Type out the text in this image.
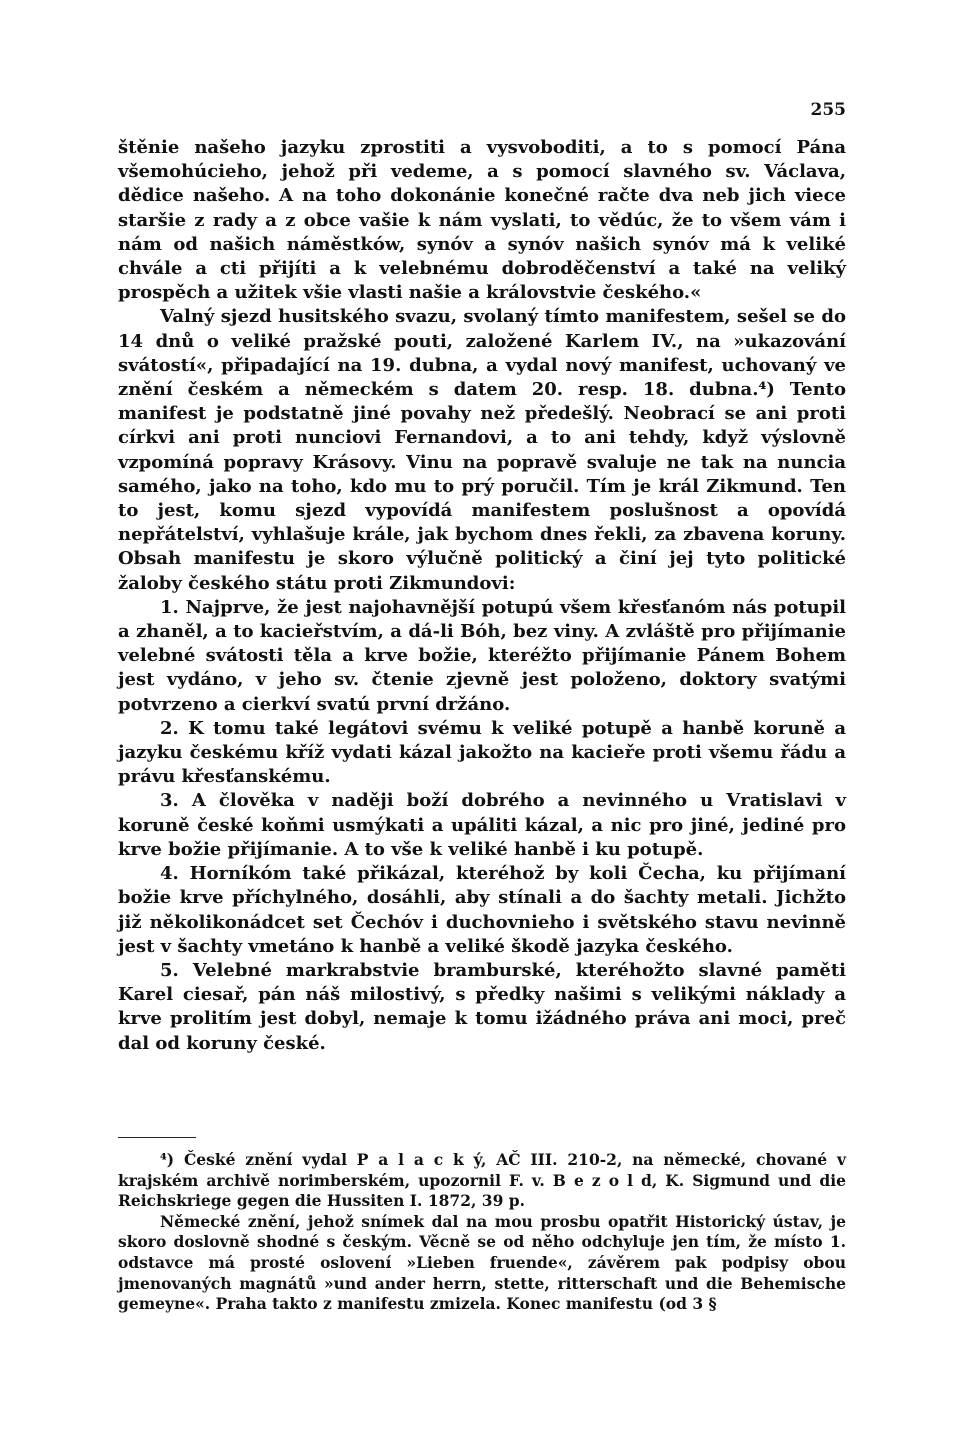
255

štěnie našeho jazyku zprostiti a vysvoboditi, a to s pomocí Pána všemohúcieho, jehož při vedeme, a s pomocí slavného sv. Václava, dědice našeho. A na toho dokonánie konečné račte dva neb jich viece staršie z rady a z obce vašie k nám vyslati, to vědúc, že to všem vám i nám od našich náměstków, synóv a synóv našich synóv má k veliké chvále a cti přijíti a k velebnému dobroděčenství a také na veliký prospěch a užitek všie vlasti našie a královstvie českého.«

Valný sjezd husitského svazu, svolaný tímto manifestem, sešel se do 14 dnů o veliké pražské pouti, založené Karlem IV., na »ukazování svátostí«, připadající na 19. dubna, a vydal nový manifest, uchovaný ve znění českém a německém s datem 20. resp. 18. dubna.⁴) Tento manifest je podstatně jiné povahy než předešlý. Neobrací se ani proti církvi ani proti nunciovi Fernandovi, a to ani tehdy, když výslovně vzpomíná popravy Krásovy. Vinu na popravě svaluje ne tak na nuncia samého, jako na toho, kdo mu to prý poručil. Tím je král Zikmund. Ten to jest, komu sjezd vypovídá manifestem poslušnost a opovídá nepřátelství, vyhlašuje krále, jak bychom dnes řekli, za zbavena koruny. Obsah manifestu je skoro výlučně politický a činí jej tyto politické žaloby českého státu proti Zikmundovi:

1. Najprve, že jest najohavnější potupú všem křesťanóm nás potupil a zhaněl, a to kacieřstvím, a dá-li Bóh, bez viny. A zvláště pro přijímanie velebné svátosti těla a krve božie, kteréžto přijímanie Pánem Bohem jest vydáno, v jeho sv. čtenie zjevně jest položeno, doktory svatými potvrzeno a cierkví svatú první držáno.

2. K tomu také legátovi svému k veliké potupě a hanbě koruně a jazyku českému kříž vydati kázal jakožto na kacieře proti všemu řádu a právu křesťanskému.

3. A člověka v naději boží dobrého a nevinného u Vratislavi v koruně české koňmi usmýkati a upáliti kázal, a nic pro jiné, jediné pro krve božie přijímanie. A to vše k veliké hanbě i ku potupě.

4. Horníkóm také přikázal, kteréhož by koli Čecha, ku přijímaní božie krve příchylného, dosáhli, aby stínali a do šachty metali. Jichžto již několikonádcet set Čechóv i duchovnieho i světského stavu nevinně jest v šachty vmetáno k hanbě a veliké škodě jazyka českého.

5. Velebné markrabstvie bramburské, kteréhožto slavné paměti Karel ciesař, pán náš milostivý, s předky našimi s velikými náklady a krve prolitím jest dobyl, nemaje k tomu ižádného práva ani moci, preč dal od koruny české.

⁴) České znění vydal P a l a c k ý, AČ III. 210-2, na německé, chované v krajském archivě norimberském, upozornil F. v. B e z o l d, K. Sigmund und die Reichskriege gegen die Hussiten I. 1872, 39 p.

Německé znění, jehož snímek dal na mou prosbu opatřit Historický ústav, je skoro doslovně shodné s českým. Věcně se od něho odchyluje jen tím, že místo 1. odstavce má prosté oslovení »Lieben fruende«, závěrem pak podpisy obou jmenovaných magnátů »und ander herrn, stette, ritterschaft und die Behemische gemeyne«. Praha takto z manifestu zmizela. Konec manifestu (od 3 §
